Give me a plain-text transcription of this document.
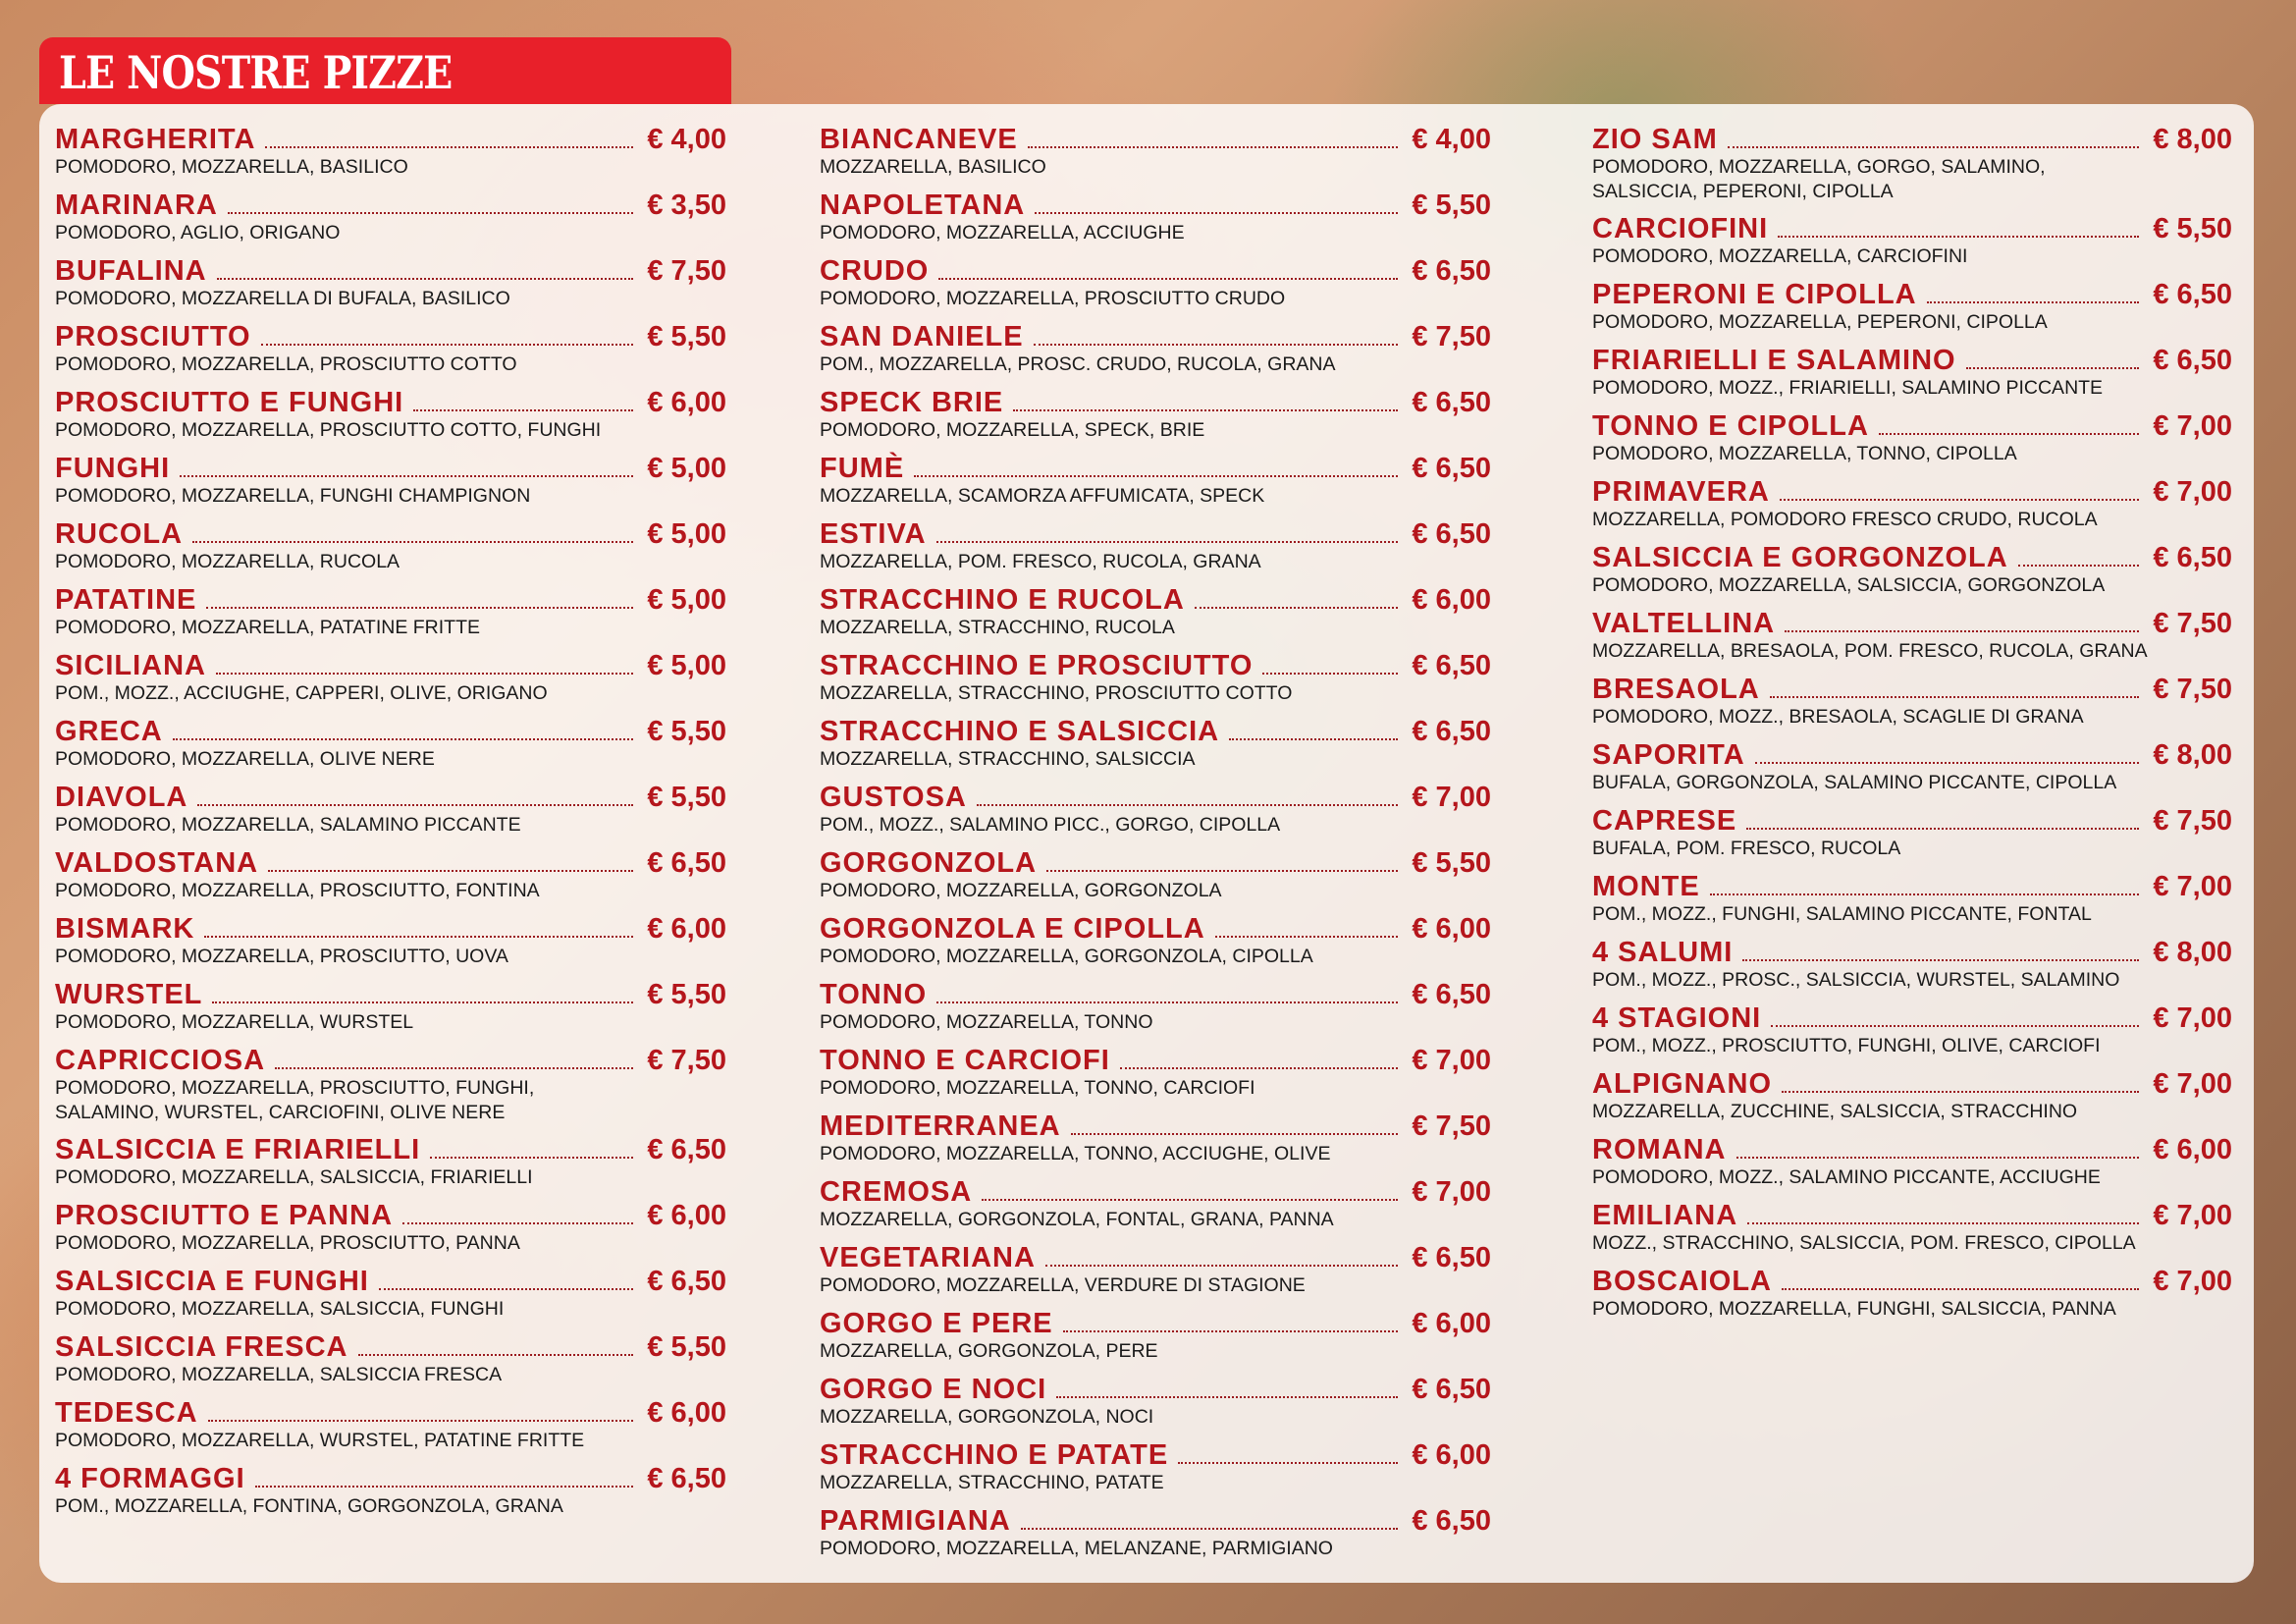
LE NOSTRE PIZZE
MARGHERITA	€ 4,00
POMODORO, MOZZARELLA, BASILICO
MARINARA	€ 3,50
POMODORO, AGLIO, ORIGANO
BUFALINA	€ 7,50
POMODORO, MOZZARELLA DI BUFALA, BASILICO
PROSCIUTTO	€ 5,50
POMODORO, MOZZARELLA, PROSCIUTTO COTTO
PROSCIUTTO E FUNGHI	€ 6,00
POMODORO, MOZZARELLA, PROSCIUTTO COTTO, FUNGHI
FUNGHI	€ 5,00
POMODORO, MOZZARELLA, FUNGHI CHAMPIGNON
RUCOLA	€ 5,00
POMODORO, MOZZARELLA, RUCOLA
PATATINE	€ 5,00
POMODORO, MOZZARELLA, PATATINE FRITTE
SICILIANA	€ 5,00
POM., MOZZ., ACCIUGHE, CAPPERI, OLIVE, ORIGANO
GRECA	€ 5,50
POMODORO, MOZZARELLA, OLIVE NERE
DIAVOLA	€ 5,50
POMODORO, MOZZARELLA, SALAMINO PICCANTE
VALDOSTANA	€ 6,50
POMODORO, MOZZARELLA, PROSCIUTTO, FONTINA
BISMARK	€ 6,00
POMODORO, MOZZARELLA, PROSCIUTTO, UOVA
WURSTEL	€ 5,50
POMODORO, MOZZARELLA, WURSTEL
CAPRICCIOSA	€ 7,50
POMODORO, MOZZARELLA, PROSCIUTTO, FUNGHI,
SALAMINO, WURSTEL, CARCIOFINI, OLIVE NERE
SALSICCIA E FRIARIELLI	€ 6,50
POMODORO, MOZZARELLA, SALSICCIA, FRIARIELLI
PROSCIUTTO E PANNA	€ 6,00
POMODORO, MOZZARELLA, PROSCIUTTO, PANNA
SALSICCIA E FUNGHI	€ 6,50
POMODORO, MOZZARELLA, SALSICCIA, FUNGHI
SALSICCIA FRESCA	€ 5,50
POMODORO, MOZZARELLA, SALSICCIA FRESCA
TEDESCA	€ 6,00
POMODORO, MOZZARELLA, WURSTEL, PATATINE FRITTE
4 FORMAGGI	€ 6,50
POM., MOZZARELLA, FONTINA, GORGONZOLA, GRANA
BIANCANEVE	€ 4,00
MOZZARELLA, BASILICO
NAPOLETANA	€ 5,50
POMODORO, MOZZARELLA, ACCIUGHE
CRUDO	€ 6,50
POMODORO, MOZZARELLA, PROSCIUTTO CRUDO
SAN DANIELE	€ 7,50
POM., MOZZARELLA, PROSC. CRUDO, RUCOLA, GRANA
SPECK BRIE	€ 6,50
POMODORO, MOZZARELLA, SPECK, BRIE
FUMÈ	€ 6,50
MOZZARELLA, SCAMORZA AFFUMICATA, SPECK
ESTIVA	€ 6,50
MOZZARELLA, POM. FRESCO, RUCOLA, GRANA
STRACCHINO E RUCOLA	€ 6,00
MOZZARELLA, STRACCHINO, RUCOLA
STRACCHINO E PROSCIUTTO	€ 6,50
MOZZARELLA, STRACCHINO, PROSCIUTTO COTTO
STRACCHINO E SALSICCIA	€ 6,50
MOZZARELLA, STRACCHINO, SALSICCIA
GUSTOSA	€ 7,00
POM., MOZZ., SALAMINO PICC., GORGO, CIPOLLA
GORGONZOLA	€ 5,50
POMODORO, MOZZARELLA, GORGONZOLA
GORGONZOLA E CIPOLLA	€ 6,00
POMODORO, MOZZARELLA, GORGONZOLA, CIPOLLA
TONNO	€ 6,50
POMODORO, MOZZARELLA, TONNO
TONNO E CARCIOFI	€ 7,00
POMODORO, MOZZARELLA, TONNO, CARCIOFI
MEDITERRANEA	€ 7,50
POMODORO, MOZZARELLA, TONNO, ACCIUGHE, OLIVE
CREMOSA	€ 7,00
MOZZARELLA, GORGONZOLA, FONTAL, GRANA, PANNA
VEGETARIANA	€ 6,50
POMODORO, MOZZARELLA, VERDURE DI STAGIONE
GORGO E PERE	€ 6,00
MOZZARELLA, GORGONZOLA, PERE
GORGO E NOCI	€ 6,50
MOZZARELLA, GORGONZOLA, NOCI
STRACCHINO E PATATE	€ 6,00
MOZZARELLA, STRACCHINO, PATATE
PARMIGIANA	€ 6,50
POMODORO, MOZZARELLA, MELANZANE, PARMIGIANO
ZIO SAM	€ 8,00
POMODORO, MOZZARELLA, GORGO, SALAMINO,
SALSICCIA, PEPERONI, CIPOLLA
CARCIOFINI	€ 5,50
POMODORO, MOZZARELLA, CARCIOFINI
PEPERONI E CIPOLLA	€ 6,50
POMODORO, MOZZARELLA, PEPERONI, CIPOLLA
FRIARIELLI E SALAMINO	€ 6,50
POMODORO, MOZZ., FRIARIELLI, SALAMINO PICCANTE
TONNO E CIPOLLA	€ 7,00
POMODORO, MOZZARELLA, TONNO, CIPOLLA
PRIMAVERA	€ 7,00
MOZZARELLA, POMODORO FRESCO CRUDO, RUCOLA
SALSICCIA E GORGONZOLA	€ 6,50
POMODORO, MOZZARELLA, SALSICCIA, GORGONZOLA
VALTELLINA	€ 7,50
MOZZARELLA, BRESAOLA, POM. FRESCO, RUCOLA, GRANA
BRESAOLA	€ 7,50
POMODORO, MOZZ., BRESAOLA, SCAGLIE DI GRANA
SAPORITA	€ 8,00
BUFALA, GORGONZOLA, SALAMINO PICCANTE, CIPOLLA
CAPRESE	€ 7,50
BUFALA, POM. FRESCO, RUCOLA
MONTE	€ 7,00
POM., MOZZ., FUNGHI, SALAMINO PICCANTE, FONTAL
4 SALUMI	€ 8,00
POM., MOZZ., PROSC., SALSICCIA, WURSTEL, SALAMINO
4 STAGIONI	€ 7,00
POM., MOZZ., PROSCIUTTO, FUNGHI, OLIVE, CARCIOFI
ALPIGNANO	€ 7,00
MOZZARELLA, ZUCCHINE, SALSICCIA, STRACCHINO
ROMANA	€ 6,00
POMODORO, MOZZ., SALAMINO PICCANTE, ACCIUGHE
EMILIANA	€ 7,00
MOZZ., STRACCHINO, SALSICCIA, POM. FRESCO, CIPOLLA
BOSCAIOLA	€ 7,00
POMODORO, MOZZARELLA, FUNGHI, SALSICCIA, PANNA
